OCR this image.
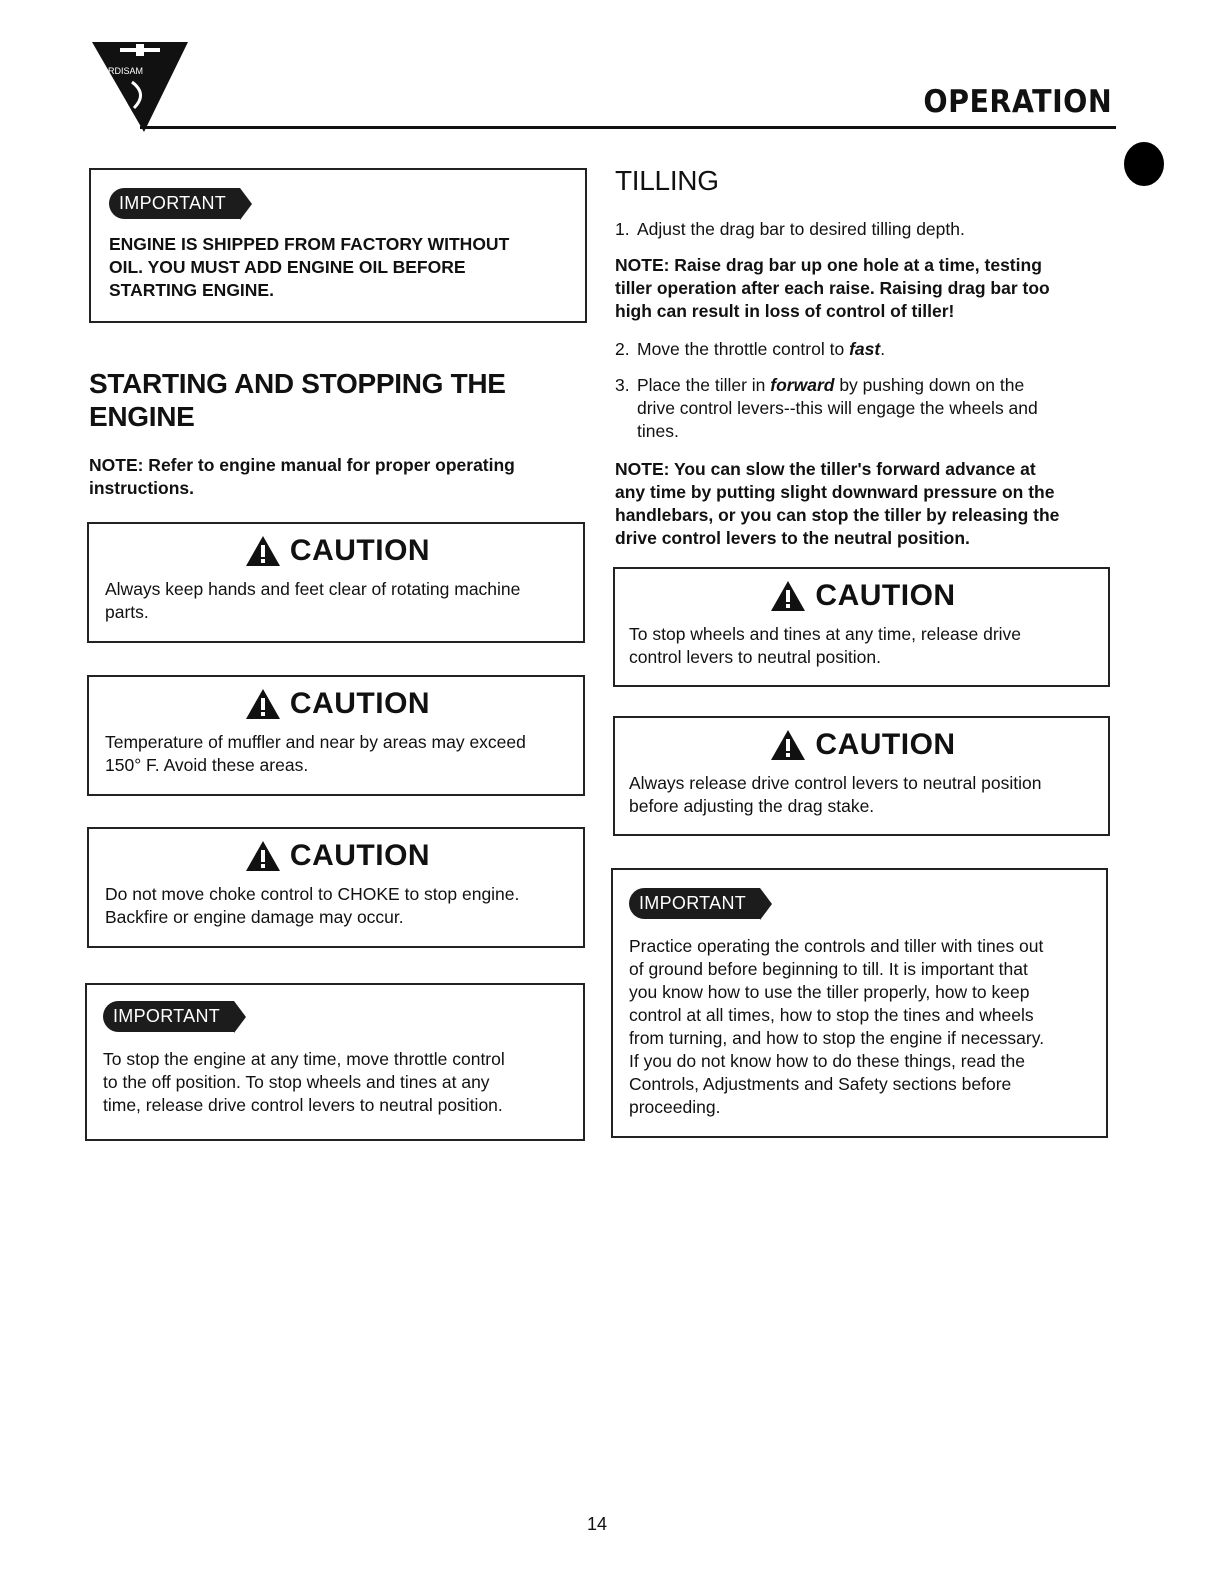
ARDISAM
OPERATION
IMPORTANT
ENGINE IS SHIPPED FROM FACTORY WITHOUT
OIL. YOU MUST ADD ENGINE OIL BEFORE
STARTING ENGINE.
STARTING AND STOPPING THE
ENGINE
NOTE: Refer to engine manual for proper operating
instructions.
CAUTION
Always keep hands and feet clear of rotating machine
parts.
CAUTION
Temperature of muffler and near by areas may exceed
150° F. Avoid these areas.
CAUTION
Do not move choke control to CHOKE to stop engine.
Backfire or engine damage may occur.
IMPORTANT
To stop the engine at any time, move throttle control
to the off position. To stop wheels and tines at any
time, release drive control levers to neutral position.
TILLING
1. Adjust the drag bar to desired tilling depth.
NOTE: Raise drag bar up one hole at a time, testing
tiller operation after each raise. Raising drag bar too
high can result in loss of control of tiller!
2. Move the throttle control to fast.
3. Place the tiller in forward by pushing down on the
drive control levers--this will engage the wheels and
tines.
NOTE: You can slow the tiller's forward advance at
any time by putting slight downward pressure on the
handlebars, or you can stop the tiller by releasing the
drive control levers to the neutral position.
CAUTION
To stop wheels and tines at any time, release drive
control levers to neutral position.
CAUTION
Always release drive control levers to neutral position
before adjusting the drag stake.
IMPORTANT
Practice operating the controls and tiller with tines out
of ground before beginning to till. It is important that
you know how to use the tiller properly, how to keep
control at all times, how to stop the tines and wheels
from turning, and how to stop the engine if necessary.
If you do not know how to do these things, read the
Controls, Adjustments and Safety sections before
proceeding.
14
